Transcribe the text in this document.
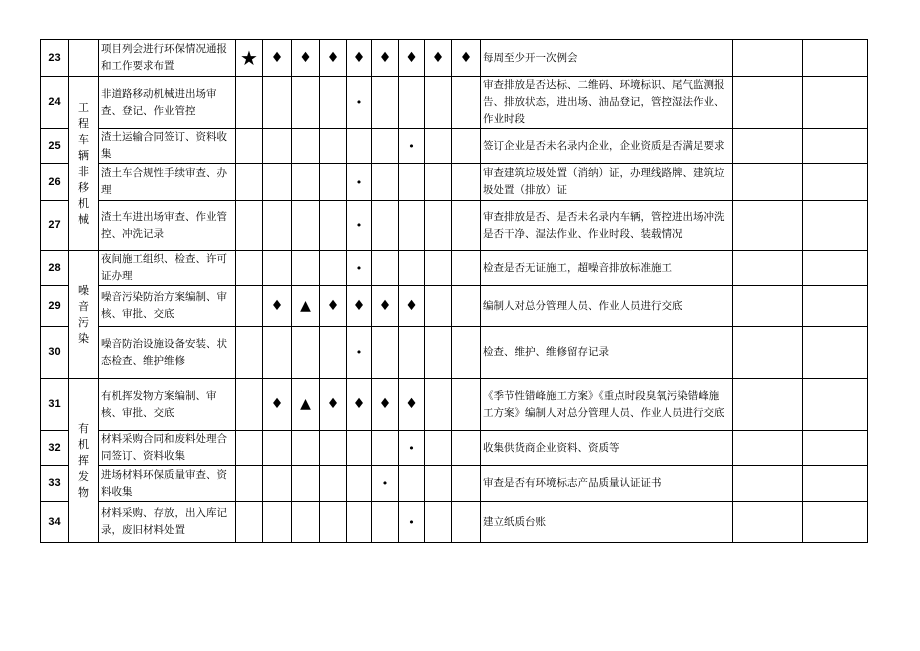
23		项目列会进行环保情况通报和工作要求布置	★	♦	♦	♦	♦	♦	♦	♦	♦	每周至少开一次例会		
24	工程车辆非移机械	非道路移动机械进出场审查、登记、作业管控					•					审查排放是否达标、二维码、环境标识、尾气监测报告、排放状态，进出场、油品登记，管控湿法作业、作业时段		
25		渣土运输合同签订、资料收集							•			签订企业是否未名录内企业，企业资质是否满足要求		
26		渣土车合规性手续审查、办理					•					审查建筑垃圾处置（消纳）证，办理线路牌、建筑垃圾处置（排放）证		
27		渣土车进出场审查、作业管控、冲洗记录					•					审查排放是否、是否未名录内车辆，管控进出场冲洗是否干净、湿法作业、作业时段、装载情况		
28	噪音污染	夜间施工组织、检查、许可证办理					•					检查是否无证施工，超噪音排放标准施工		
29		噪音污染防治方案编制、审核、审批、交底		♦	▲	♦	♦	♦	♦			编制人对总分管理人员、作业人员进行交底		
30		噪音防治设施设备安装、状态检查、维护维修					•					检查、维护、维修留存记录		
31	有机挥发物	有机挥发物方案编制、审核、审批、交底		♦	▲	♦	♦	♦	♦			《季节性错峰施工方案》《重点时段臭氧污染错峰施工方案》编制人对总分管理人员、作业人员进行交底		
32		材料采购合同和废料处理合同签订、资料收集							•			收集供货商企业资料、资质等		
33		进场材料环保质量审查、资料收集						•				审查是否有环境标志产品质量认证证书		
34		材料采购、存放，出入库记录，废旧材料处置							•			建立纸质台账		
